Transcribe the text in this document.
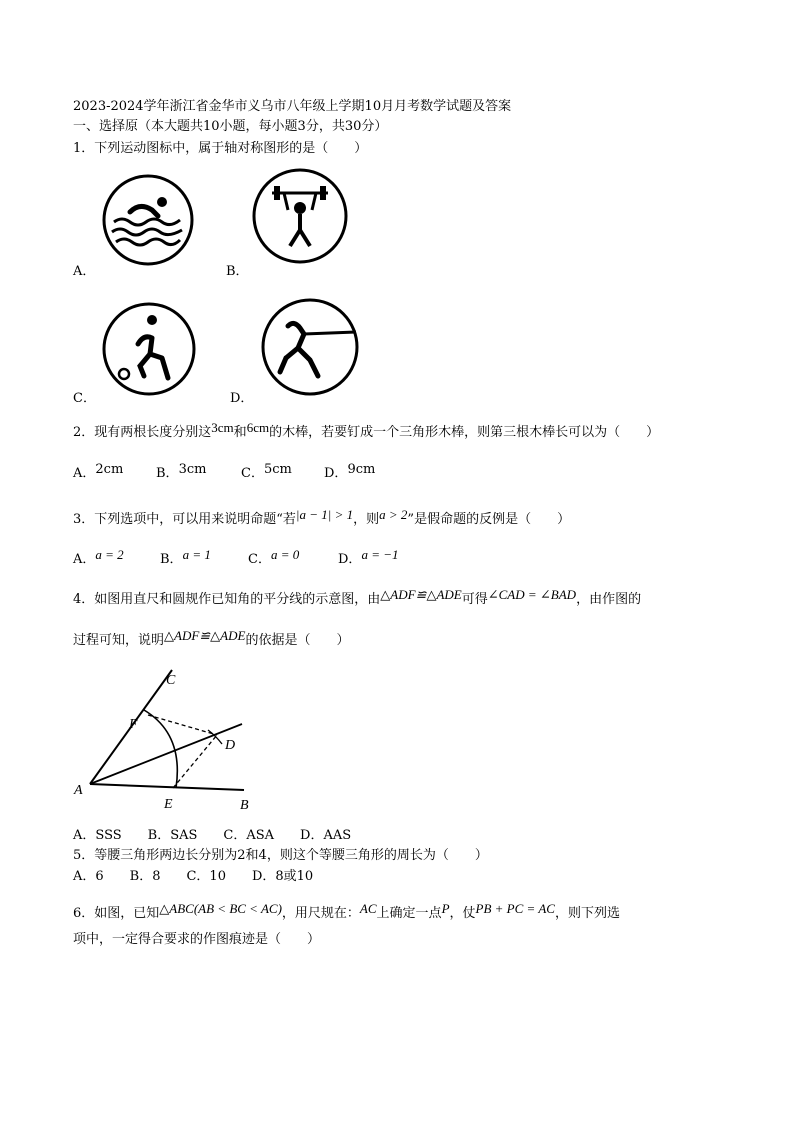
2023-2024学年浙江省金华市义乌市八年级上学期10月月考数学试题及答案
一、选择原（本大题共10小题，每小题3分，共30分）
1．下列运动图标中，属于轴对称图形的是（　　）
A．	B．
C．	D．
2．现有两根长度分别这3cm和6cm的木棒，若要钉成一个三角形木棒，则第三根木棒长可以为（　　）
A．2cm	B．3cm	C．5cm D．9cm
3．下列选项中，可以用来说明命题“若|a − 1| > 1，则a > 2”是假命题的反例是（　　）
A．a = 2	B．a = 1	C．a = 0	D．a = −1
4．如图用直尺和圆规作已知角的平分线的示意图，由△ADF≌△ADE可得∠CAD = ∠BAD，由作图的
过程可知，说明△ADF≌△ADE的依据是（　　）
C
F
D
A
E	B
A．SSS　　B．SAS　　C．ASA　　D．AAS
5．等腰三角形两边长分别为2和4，则这个等腰三角形的周长为（　　）
A．6　　B．8　　C．10　　D．8或10
6．如图，已知△ABC(AB < BC < AC)，用尺规在：AC上确定一点P，仗PB + PC = AC，则下列选
项中，一定得合要求的作图痕迹是（　　）
